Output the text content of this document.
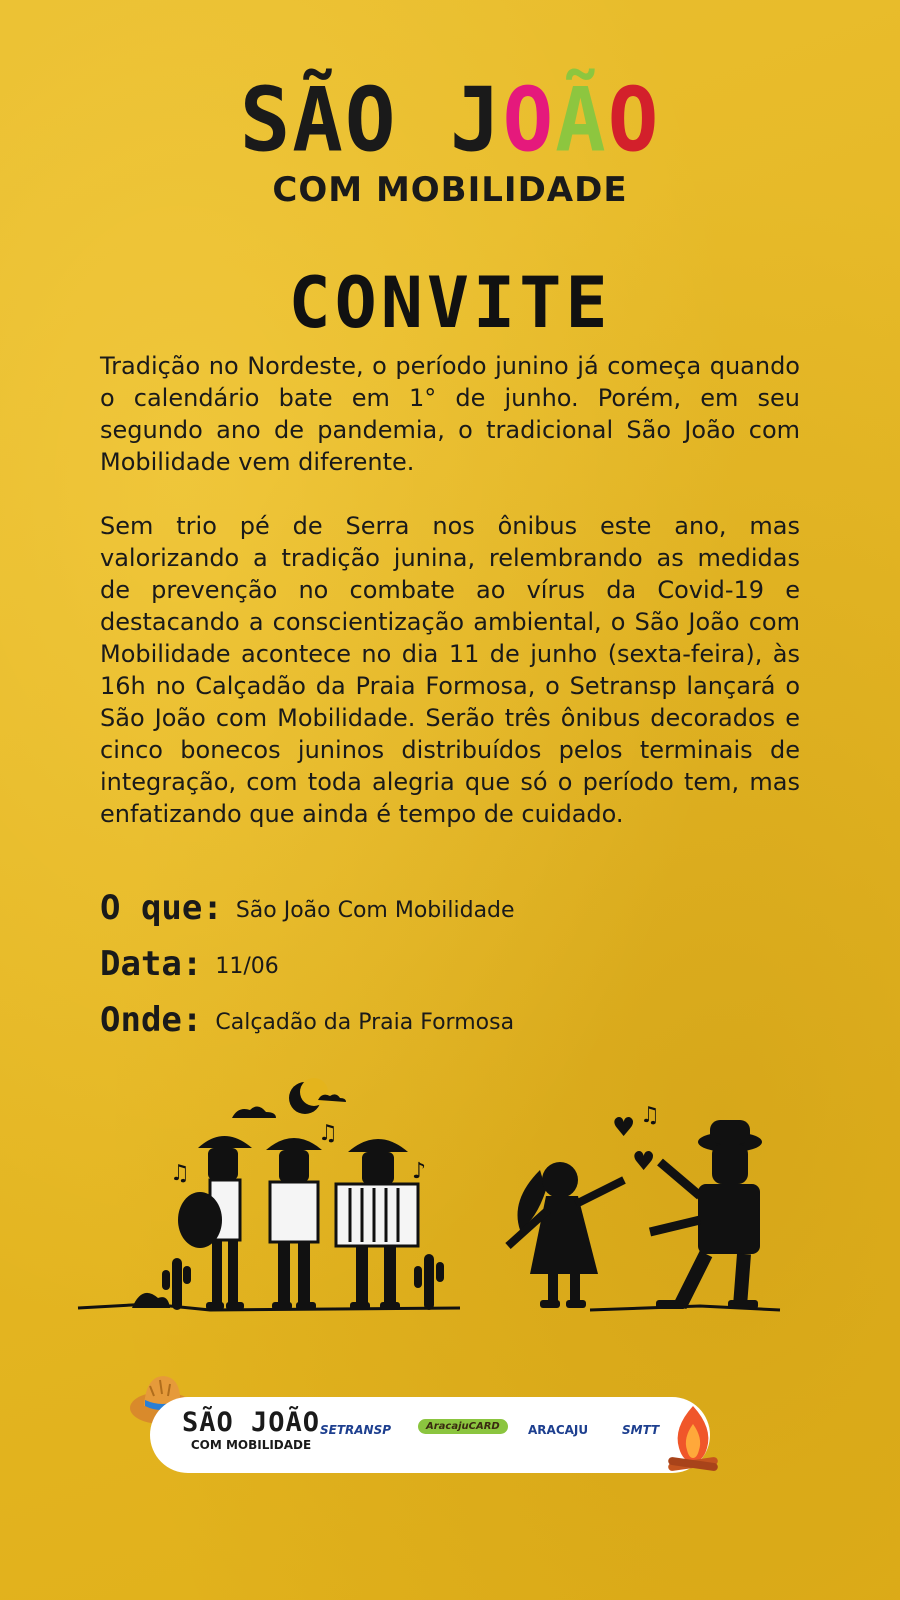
SÃO JOÃO
COM MOBILIDADE
CONVITE

Tradição no Nordeste, o período junino já começa quando o calendário bate em 1° de junho. Porém, em seu segundo ano de pandemia, o tradicional São João com Mobilidade vem diferente.

Sem trio pé de Serra nos ônibus este ano, mas valorizando a tradição junina, relembrando as medidas de prevenção no combate ao vírus da Covid-19 e destacando a conscientização ambiental, o São João com Mobilidade acontece no dia 11 de junho (sexta-feira), às 16h no Calçadão da Praia Formosa, o Setransp lançará o São João com Mobilidade. Serão três ônibus decorados e cinco bonecos juninos distribuídos pelos terminais de integração, com toda alegria que só o período tem, mas enfatizando que ainda é tempo de cuidado.

O que: São João Com Mobilidade
Data: 11/06
Onde: Calçadão da Praia Formosa
♫
♫
♪
♫
♥
♥
SÃO JOÃO
COM MOBILIDADE
SETRANSP	AracajuCARD	ARACAJU	SMTT
